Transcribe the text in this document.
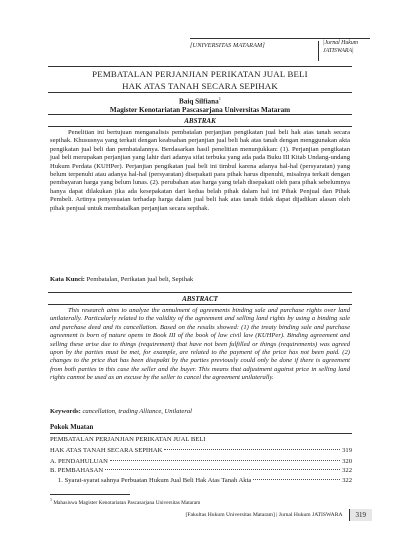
[UNIVERSITAS MATARAM]	|Jurnal Hukum
JATISWARA|
PEMBATALAN PERJANJIAN PERIKATAN JUAL BELI
HAK ATAS TANAH SECARA SEPIHAK
Baiq Silfiana$^1$
Magister Kenotariatan Pascasarjana Universitas Mataram
ABSTRAK
Penelitian ini bertujuan menganalisis pembatalan perjanjian pengikatan jual beli hak atas tanah secara sepihak. Khususnya yang terkait dengan keabsahan perjanjian jual beli hak atas tanah dengan menggunakan akta pengikatan jual beli dan pembatalannya. Berdasarkan hasil penelitian menunjukkan: (1). Perjanjian pengikatan jual beli merupakan perjanjian yang lahir dari adanya sifat terbuka yang ada pada Buku III Kitab Undang-undang Hukum Perdata (KUHPer). Perjanjian pengikatan jual beli ini timbul karena adanya hal-hal (persyaratan) yang belum terpenuhi atau adanya hal-hal (persyaratan) disepakati para pihak harus dipenuhi, misalnya terkait dengan pembayaran harga yang belum lunas. (2). perubahan atas harga yang telah disepakati oleh para pihak sebelumnya hanya dapat dilakukan jika ada kesepakatan dari kedua belah pihak dalam hal ini Pihak Penjual dan Pihak Pembeli. Artinya penyesuaian terhadap harga dalam jual beli hak atas tanah tidak dapat dijadikan alasan oleh pihak penjual untuk membatalkan perjanjian secara sepihak.
Kata Kunci: Pembatalan, Perikatan jual beli, Sepihak
ABSTRACT
This research aims to analyze the annulment of agreements binding sale and purchase rights over land unilaterally. Particularly related to the validity of the agreement and selling land rights by using a binding sale and purchase deed and its cancellation. Based on the results showed: (1) the treaty binding sale and purchase agreement is born of nature opens in Book III of the book of law civil law (KUHPer). Binding agreement and selling these arise due to things (requirement) that have not been fulfilled or things (requirements) was agreed upon by the parties must be met, for example, are related to the payment of the price has not been paid. (2) changes to the price that has been disepakti by the parties previously could only be done if there is agreement from both parties in this case the seller and the buyer. This means that adjustment against price in selling land rights cannot be used as an excuse by the seller to cancel the agreement unilaterally.
Keywords: cancellation, trading Alliance, Unilateral
Pokok Muatan
PEMBATALAN PERJANJIAN PERIKATAN JUAL BELI
HAK ATAS TANAH SECARA SEPIHAK	319
A. PENDAHULUAN	320
B. PEMBAHASAN	322
1. Syarat-syarat sahnya Perbuatan Hukum Jual Beli Hak Atas Tanah Akta	322
$^1$ Mahasiswa Magister Kenotariatan Pascasarjana Universitas Mataram
[Fakultas Hukum Universitas Mataram] | Jurnal Hukum JATISWARA	319
